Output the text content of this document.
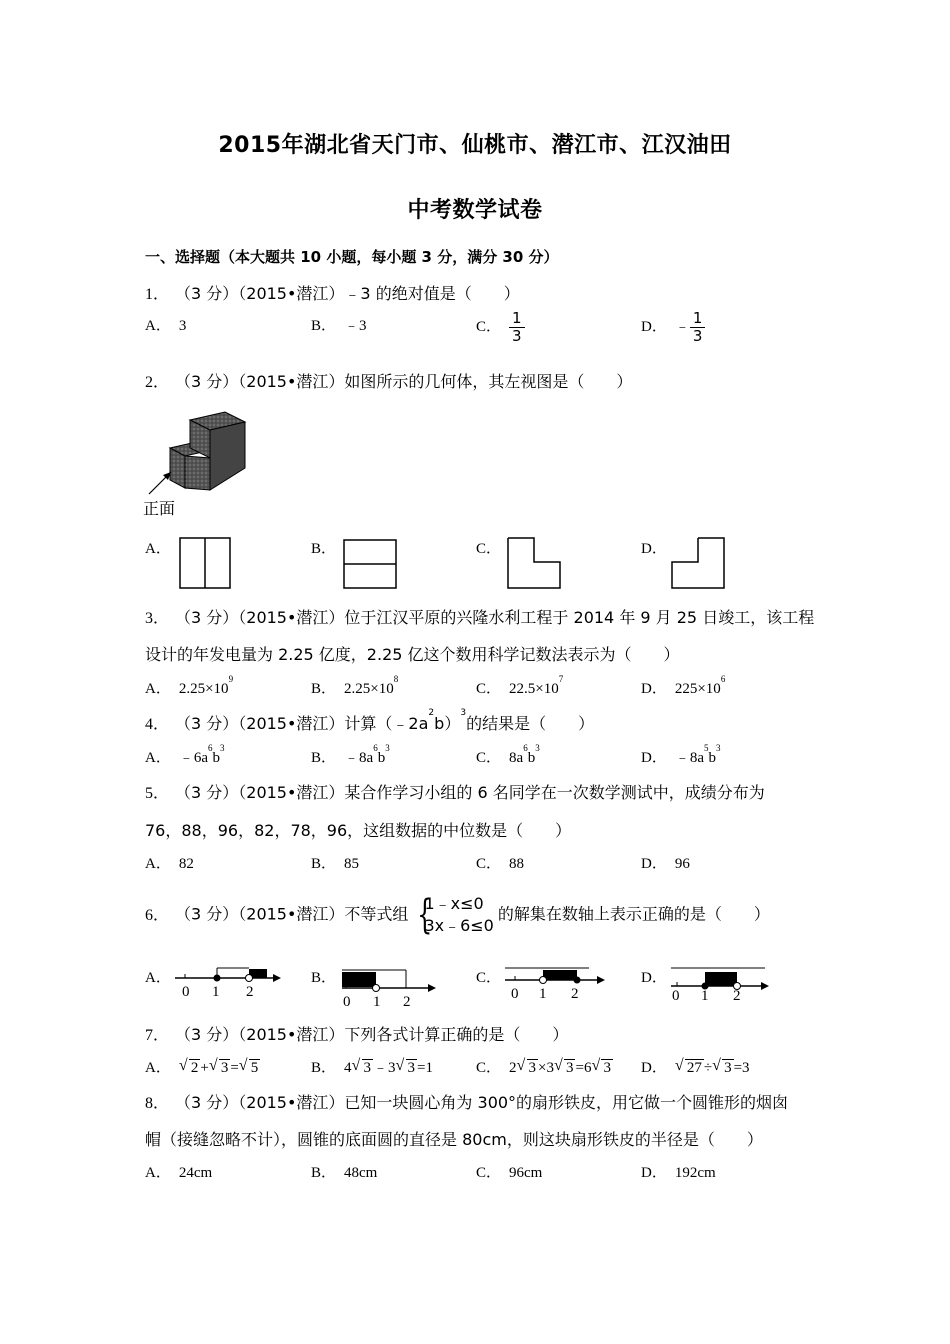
2015年湖北省天门市、仙桃市、潜江市、江汉油田
中考数学试卷
一、选择题（本大题共 10 小题，每小题 3 分，满分 30 分）
1． （3 分）（2015•潜江）﹣3 的绝对值是（　　）
A． 3	B． ﹣3	C． $\frac{1}{3}$	D． ﹣ $\frac{1}{3}$
2． （3 分）（2015•潜江）如图所示的几何体，其左视图是（　　）
正面
A．	B．	C．	D．
3． （3 分）（2015•潜江）位于江汉平原的兴隆水利工程于 2014 年 9 月 25 日竣工，该工程
设计的年发电量为 2.25 亿度，2.25 亿这个数用科学记数法表示为（　　）
A． $2.25\times 10^9$
B． $2.25\times 10^8$
C． $22.5\times 10^7$
D． $225\times 10^6$
4． （3 分）（2015•潜江）计算$(﹣2a^2b)^3$的结果是（　　）
A． $﹣6a^6b^3$
B． $﹣8a^6b^3$
C． $8a^6b^3$
D． $﹣8a^5b^3$
5． （3 分）（2015•潜江）某合作学习小组的 6 名同学在一次数学测试中，成绩分布为
76，88，96，82，78，96，这组数据的中位数是（　　）
A． 82	B． 85	C． 88	D． 96
6． （3 分）（2015•潜江）不等式组 {
1﹣x≤0
3x﹣6≤0
的解集在数轴上表示正确的是（　　）
A．
0 1 2
B．
0 1 2
C．
0 1 2
D．
0 1 2
7． （3 分）（2015•潜江）下列各式计算正确的是（　　）
A． √ 2 + √ 3 = √ 5	B． 4 √ 3 ﹣3 √ 3 =1	C． 2 √ 3 ×3 √ 3 =6 √ 3 D． √ 27 ÷ √ 3 =3
8． （3 分）（2015•潜江）已知一块圆心角为 300°的扇形铁皮，用它做一个圆锥形的烟囱
帽（接缝忽略不计），圆锥的底面圆的直径是 80cm，则这块扇形铁皮的半径是（　　）
A． 24cm	B． 48cm	C． 96cm	D． 192cm
